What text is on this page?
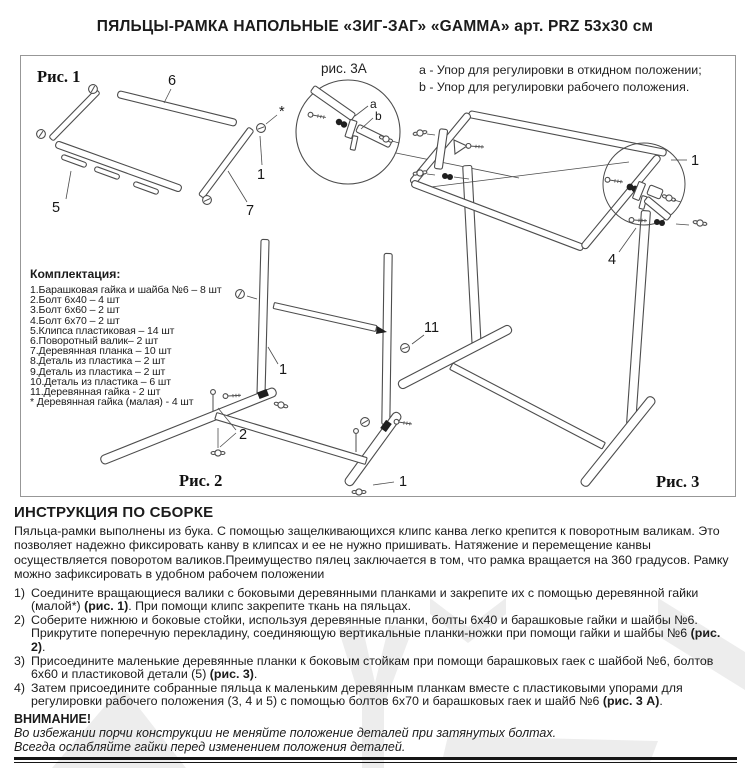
ПЯЛЬЦЫ-РАМКА НАПОЛЬНЫЕ «ЗИГ-ЗАГ» «GAMMA» арт. PRZ 53х30 см
Рис. 1	6
*
1
5	7
рис. 3А
a
b
Рис. 2
11
1
2
1	Рис. 3
1
4
a - Упор для регулировки в откидном положении;
b - Упор для регулировки рабочего положения.
Комплектация:
1.Барашковая гайка и шайба №6 – 8 шт
2.Болт 6х40 – 4 шт
3.Болт 6х60 – 2 шт
4.Болт 6х70 – 2 шт
5.Клипса пластиковая – 14 шт
6.Поворотный валик– 2 шт
7.Деревянная планка – 10 шт
8.Деталь из пластика – 2 шт
9.Деталь из пластика – 2 шт
10.Деталь из пластика – 6 шт
11.Деревянная гайка - 2 шт
* Деревянная гайка (малая) - 4 шт
ИНСТРУКЦИЯ ПО СБОРКЕ

Пяльца-рамки выполнены из бука. С помощью защелкивающихся клипс канва легко крепится к поворотным валикам. Это позволяет надежно фиксировать канву в клипсах и ее не нужно пришивать. Натяжение и перемещение канвы осуществляется поворотом валиков.Преимущество пялец заключается в том, что рамка вращается на 360 градусов. Рамку можно зафиксировать в удобном рабочем положении

1) Соедините вращающиеся валики с боковыми деревянными планками и закрепите их с помощью деревянной гайки (малой*) (рис. 1). При помощи клипс закрепите ткань на пяльцах.
2) Соберите нижнюю и боковые стойки, используя деревянные планки, болты 6х40 и барашковые гайки и шайбы №6. Прикрутите поперечную перекладину, соединяющую вертикальные планки-ножки при помощи гайки и шайбы №6 (рис. 2).
3) Присоедините маленькие деревянные планки к боковым стойкам при помощи барашковых гаек с шайбой №6, болтов 6х60 и пластиковой детали (5) (рис. 3).
4) Затем присоедините собранные пяльца к маленьким деревянным планкам вместе с пластиковыми упорами для регулировки рабочего положения (3, 4 и 5) с помощью болтов 6х70 и барашковых гаек и шайб №6 (рис. 3 А).
ВНИМАНИЕ!
Во избежании порчи конструкции не меняйте положение деталей при затянутых болтах.
Всегда ослабляйте гайки перед изменением положения деталей.
